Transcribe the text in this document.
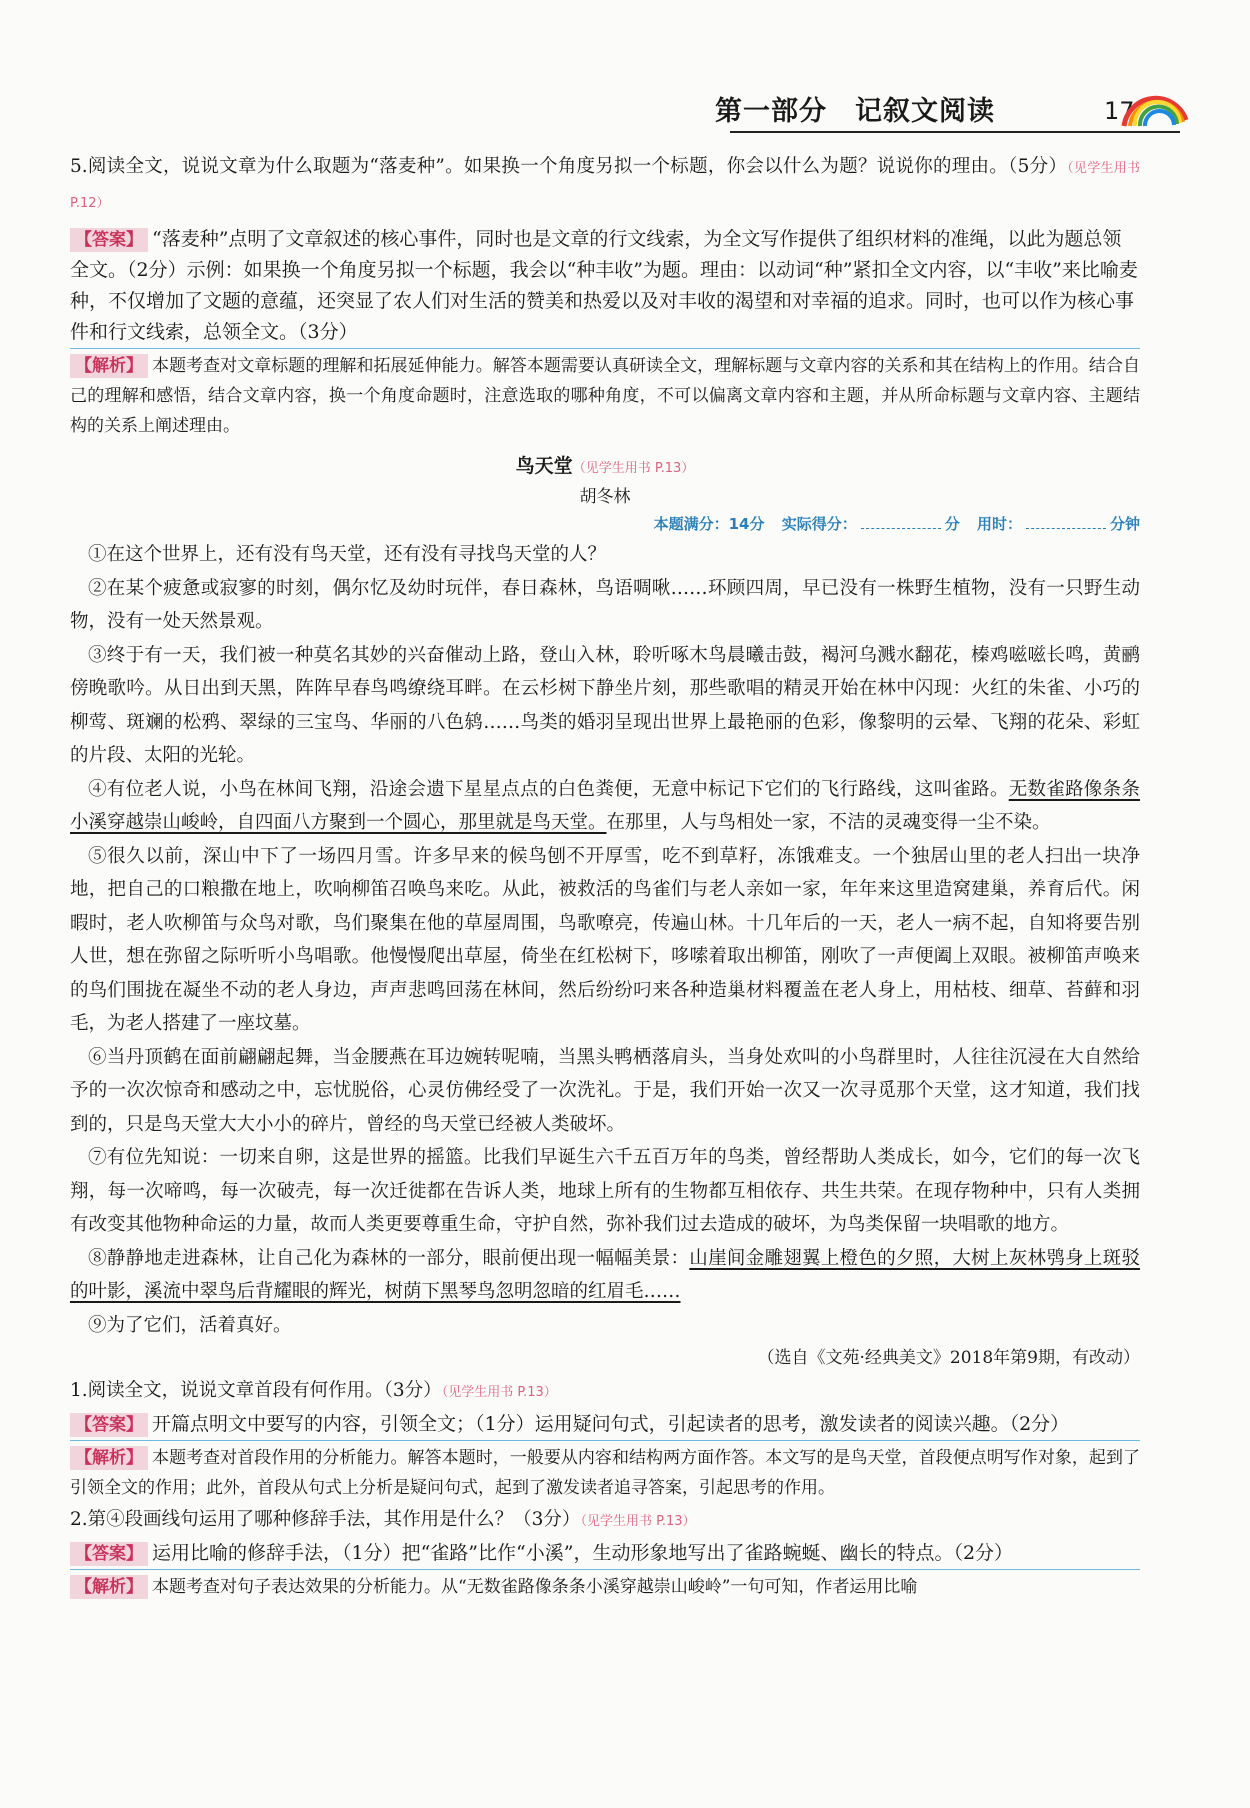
第一部分　记叙文阅读	17

5.阅读全文，说说文章为什么取题为“落麦种”。如果换一个角度另拟一个标题，你会以什么为题？说说你的理由。（5分）（见学生用书 P.12）

【答案】 “落麦种”点明了文章叙述的核心事件，同时也是文章的行文线索，为全文写作提供了组织材料的准绳，以此为题总领全文。（2分）示例：如果换一个角度另拟一个标题，我会以“种丰收”为题。理由：以动词“种”紧扣全文内容，以“丰收”来比喻麦种，不仅增加了文题的意蕴，还突显了农人们对生活的赞美和热爱以及对丰收的渴望和对幸福的追求。同时，也可以作为核心事件和行文线索，总领全文。（3分）

【解析】 本题考查对文章标题的理解和拓展延伸能力。解答本题需要认真研读全文，理解标题与文章内容的关系和其在结构上的作用。结合自己的理解和感悟，结合文章内容，换一个角度命题时，注意选取的哪种角度，不可以偏离文章内容和主题，并从所命标题与文章内容、主题结构的关系上阐述理由。

鸟天堂（见学生用书 P.13）
胡冬林
本题满分：14分 实际得分：	分 用时：	分钟

①在这个世界上，还有没有鸟天堂，还有没有寻找鸟天堂的人？

②在某个疲惫或寂寥的时刻，偶尔忆及幼时玩伴，春日森林，鸟语啁啾……环顾四周，早已没有一株野生植物，没有一只野生动物，没有一处天然景观。

③终于有一天，我们被一种莫名其妙的兴奋催动上路，登山入林，聆听啄木鸟晨曦击鼓，褐河乌溅水翻花，榛鸡嗞嗞长鸣，黄鹂傍晚歌吟。从日出到天黑，阵阵早春鸟鸣缭绕耳畔。在云杉树下静坐片刻，那些歌唱的精灵开始在林中闪现：火红的朱雀、小巧的柳莺、斑斓的松鸦、翠绿的三宝鸟、华丽的八色鸫……鸟类的婚羽呈现出世界上最艳丽的色彩，像黎明的云晕、飞翔的花朵、彩虹的片段、太阳的光轮。

④有位老人说，小鸟在林间飞翔，沿途会遗下星星点点的白色粪便，无意中标记下它们的飞行路线，这叫雀路。无数雀路像条条小溪穿越崇山峻岭，自四面八方聚到一个圆心，那里就是鸟天堂。在那里，人与鸟相处一家，不洁的灵魂变得一尘不染。

⑤很久以前，深山中下了一场四月雪。许多早来的候鸟刨不开厚雪，吃不到草籽，冻饿难支。一个独居山里的老人扫出一块净地，把自己的口粮撒在地上，吹响柳笛召唤鸟来吃。从此，被救活的鸟雀们与老人亲如一家，年年来这里造窝建巢，养育后代。闲暇时，老人吹柳笛与众鸟对歌，鸟们聚集在他的草屋周围，鸟歌嘹亮，传遍山林。十几年后的一天，老人一病不起，自知将要告别人世，想在弥留之际听听小鸟唱歌。他慢慢爬出草屋，倚坐在红松树下，哆嗦着取出柳笛，刚吹了一声便阖上双眼。被柳笛声唤来的鸟们围拢在凝坐不动的老人身边，声声悲鸣回荡在林间，然后纷纷叼来各种造巢材料覆盖在老人身上，用枯枝、细草、苔藓和羽毛，为老人搭建了一座坟墓。

⑥当丹顶鹤在面前翩翩起舞，当金腰燕在耳边婉转呢喃，当黑头鸭栖落肩头，当身处欢叫的小鸟群里时，人往往沉浸在大自然给予的一次次惊奇和感动之中，忘忧脱俗，心灵仿佛经受了一次洗礼。于是，我们开始一次又一次寻觅那个天堂，这才知道，我们找到的，只是鸟天堂大大小小的碎片，曾经的鸟天堂已经被人类破坏。

⑦有位先知说：一切来自卵，这是世界的摇篮。比我们早诞生六千五百万年的鸟类，曾经帮助人类成长，如今，它们的每一次飞翔，每一次啼鸣，每一次破壳，每一次迁徙都在告诉人类，地球上所有的生物都互相依存、共生共荣。在现存物种中，只有人类拥有改变其他物种命运的力量，故而人类更要尊重生命，守护自然，弥补我们过去造成的破坏，为鸟类保留一块唱歌的地方。

⑧静静地走进森林，让自己化为森林的一部分，眼前便出现一幅幅美景：山崖间金雕翅翼上橙色的夕照，大树上灰林鸮身上斑驳的叶影，溪流中翠鸟后背耀眼的辉光，树荫下黑琴鸟忽明忽暗的红眉毛……

⑨为了它们，活着真好。

（选自《文苑·经典美文》2018年第9期，有改动）

1.阅读全文，说说文章首段有何作用。（3分）（见学生用书 P.13）

【答案】 开篇点明文中要写的内容，引领全文；（1分）运用疑问句式，引起读者的思考，激发读者的阅读兴趣。（2分）

【解析】 本题考查对首段作用的分析能力。解答本题时，一般要从内容和结构两方面作答。本文写的是鸟天堂，首段便点明写作对象，起到了引领全文的作用；此外，首段从句式上分析是疑问句式，起到了激发读者追寻答案，引起思考的作用。

2.第④段画线句运用了哪种修辞手法，其作用是什么？（3分）（见学生用书 P.13）

【答案】 运用比喻的修辞手法，（1分）把“雀路”比作“小溪”，生动形象地写出了雀路蜿蜒、幽长的特点。（2分）

【解析】 本题考查对句子表达效果的分析能力。从“无数雀路像条条小溪穿越崇山峻岭”一句可知，作者运用比喻
